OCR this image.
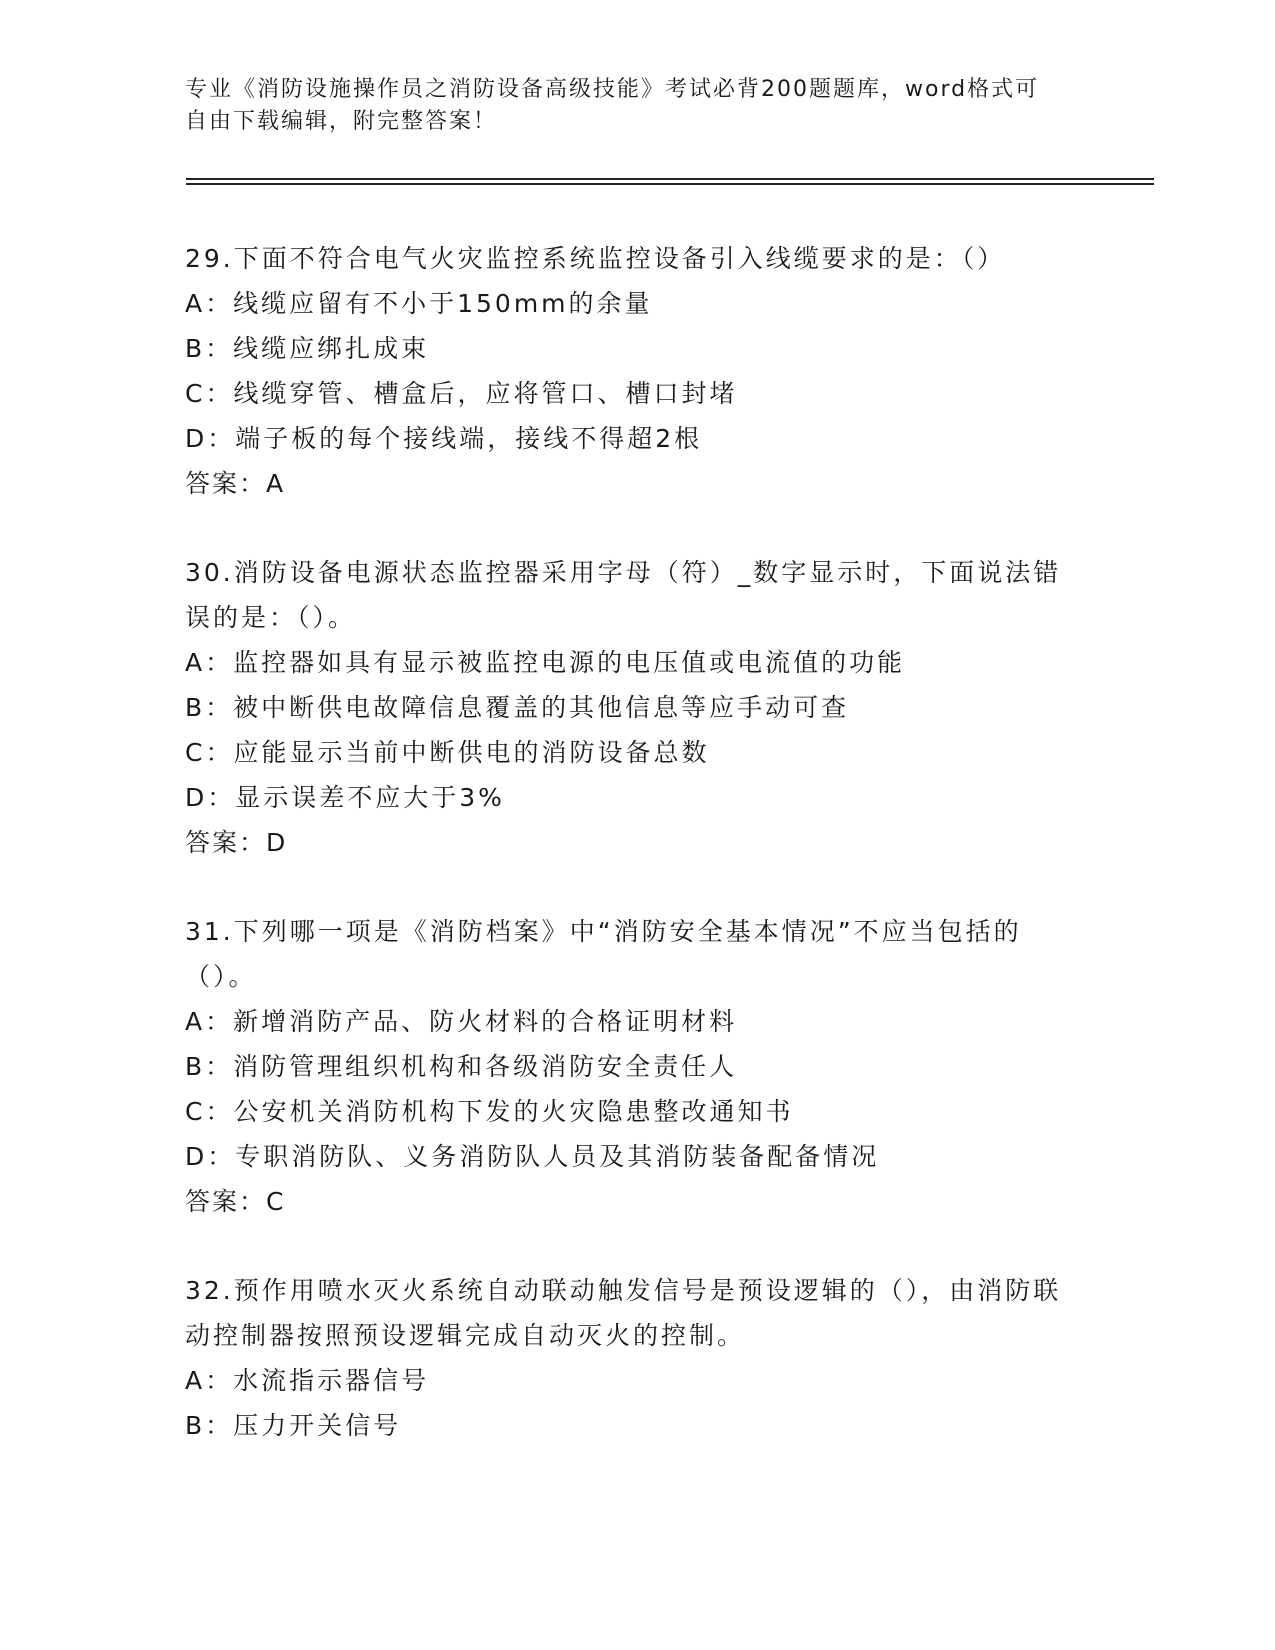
专业《消防设施操作员之消防设备高级技能》考试必背200题题库，word格式可
自由下载编辑，附完整答案！
29.下面不符合电气火灾监控系统监控设备引入线缆要求的是：（）
A：线缆应留有不小于150mm的余量
B：线缆应绑扎成束
C：线缆穿管、槽盒后，应将管口、槽口封堵
D：端子板的每个接线端，接线不得超2根
答案：A
30.消防设备电源状态监控器采用字母（符）_数字显示时，下面说法错误的是：（）。
A：监控器如具有显示被监控电源的电压值或电流值的功能
B：被中断供电故障信息覆盖的其他信息等应手动可查
C：应能显示当前中断供电的消防设备总数
D：显示误差不应大于3%
答案：D
31.下列哪一项是《消防档案》中“消防安全基本情况”不应当包括的（）。
A：新增消防产品、防火材料的合格证明材料
B：消防管理组织机构和各级消防安全责任人
C：公安机关消防机构下发的火灾隐患整改通知书
D：专职消防队、义务消防队人员及其消防装备配备情况
答案：C
32.预作用喷水灭火系统自动联动触发信号是预设逻辑的（），由消防联动控制器按照预设逻辑完成自动灭火的控制。
A：水流指示器信号
B：压力开关信号
